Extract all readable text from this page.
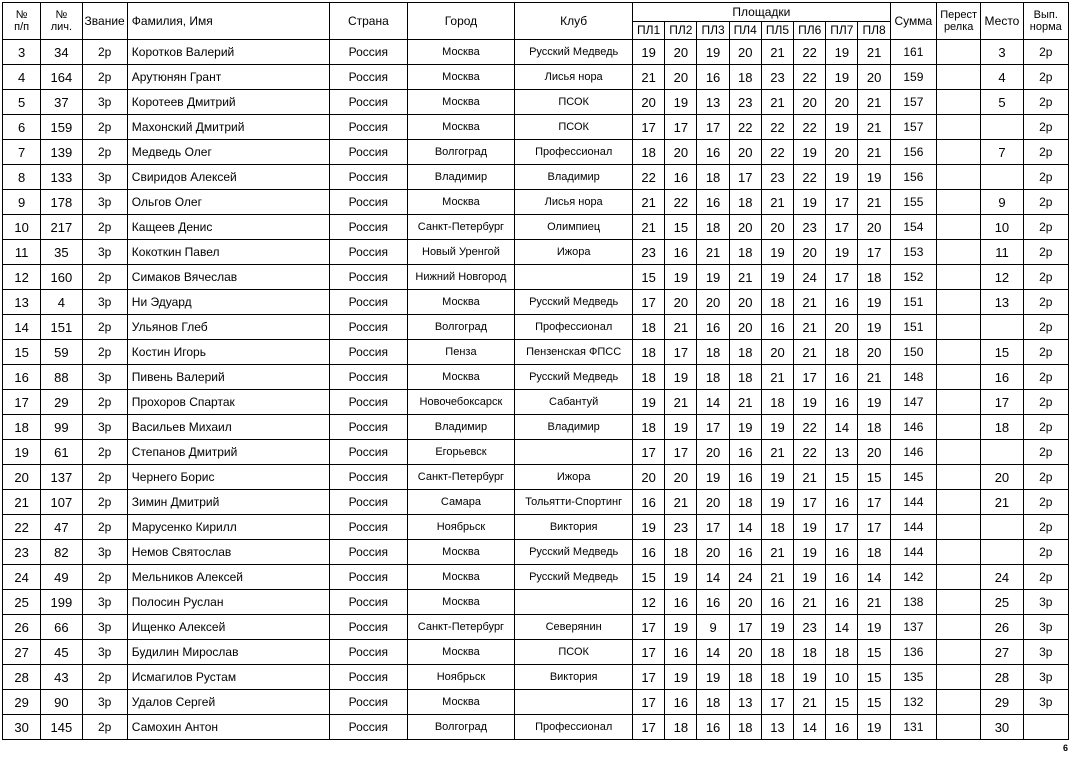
№
п/п	№
лич.	Звание	Фамилия, Имя	Страна	Город	Клуб	Площадки								Сумма	Перест
релка	Место	Вып.
норма
							ПЛ1	ПЛ2	ПЛ3	ПЛ4	ПЛ5	ПЛ6	ПЛ7	ПЛ8				
3	34	2р	Коротков Валерий	Россия	Москва	Русский Медведь	19	20	19	20	21	22	19	21	161		3	2р
4	164	2р	Арутюнян Грант	Россия	Москва	Лисья нора	21	20	16	18	23	22	19	20	159		4	2р
5	37	3р	Коротеев Дмитрий	Россия	Москва	ПСОК	20	19	13	23	21	20	20	21	157		5	2р
6	159	2р	Махонский Дмитрий	Россия	Москва	ПСОК	17	17	17	22	22	22	19	21	157			2р
7	139	2р	Медведь Олег	Россия	Волгоград	Профессионал	18	20	16	20	22	19	20	21	156		7	2р
8	133	3р	Свиридов Алексей	Россия	Владимир	Владимир	22	16	18	17	23	22	19	19	156			2р
9	178	3р	Ольгов Олег	Россия	Москва	Лисья нора	21	22	16	18	21	19	17	21	155		9	2р
10	217	2р	Кащеев Денис	Россия	Санкт-Петербург	Олимпиец	21	15	18	20	20	23	17	20	154		10	2р
11	35	3р	Кокоткин Павел	Россия	Новый Уренгой	Ижора	23	16	21	18	19	20	19	17	153		11	2р
12	160	2р	Симаков Вячеслав	Россия	Нижний Новгород		15	19	19	21	19	24	17	18	152		12	2р
13	4	3р	Ни Эдуард	Россия	Москва	Русский Медведь	17	20	20	20	18	21	16	19	151		13	2р
14	151	2р	Ульянов Глеб	Россия	Волгоград	Профессионал	18	21	16	20	16	21	20	19	151			2р
15	59	2р	Костин Игорь	Россия	Пенза	Пензенская ФПСС	18	17	18	18	20	21	18	20	150		15	2р
16	88	3р	Пивень Валерий	Россия	Москва	Русский Медведь	18	19	18	18	21	17	16	21	148		16	2р
17	29	2р	Прохоров Спартак	Россия	Новочебоксарск	Сабантуй	19	21	14	21	18	19	16	19	147		17	2р
18	99	3р	Васильев Михаил	Россия	Владимир	Владимир	18	19	17	19	19	22	14	18	146		18	2р
19	61	2р	Степанов Дмитрий	Россия	Егорьевск		17	17	20	16	21	22	13	20	146			2р
20	137	2р	Чернего Борис	Россия	Санкт-Петербург	Ижора	20	20	19	16	19	21	15	15	145		20	2р
21	107	2р	Зимин Дмитрий	Россия	Самара	Тольятти-Спортинг	16	21	20	18	19	17	16	17	144		21	2р
22	47	2р	Марусенко Кирилл	Россия	Ноябрьск	Виктория	19	23	17	14	18	19	17	17	144			2р
23	82	3р	Немов Святослав	Россия	Москва	Русский Медведь	16	18	20	16	21	19	16	18	144			2р
24	49	2р	Мельников Алексей	Россия	Москва	Русский Медведь	15	19	14	24	21	19	16	14	142		24	2р
25	199	3р	Полосин Руслан	Россия	Москва		12	16	16	20	16	21	16	21	138		25	3р
26	66	3р	Ищенко Алексей	Россия	Санкт-Петербург	Северянин	17	19	9	17	19	23	14	19	137		26	3р
27	45	3р	Будилин Мирослав	Россия	Москва	ПСОК	17	16	14	20	18	18	18	15	136		27	3р
28	43	2р	Исмагилов Рустам	Россия	Ноябрьск	Виктория	17	19	19	18	18	19	10	15	135		28	3р
29	90	3р	Удалов Сергей	Россия	Москва		17	16	18	13	17	21	15	15	132		29	3р
30	145	2р	Самохин Антон	Россия	Волгоград	Профессионал	17	18	16	18	13	14	16	19	131		30	
6
